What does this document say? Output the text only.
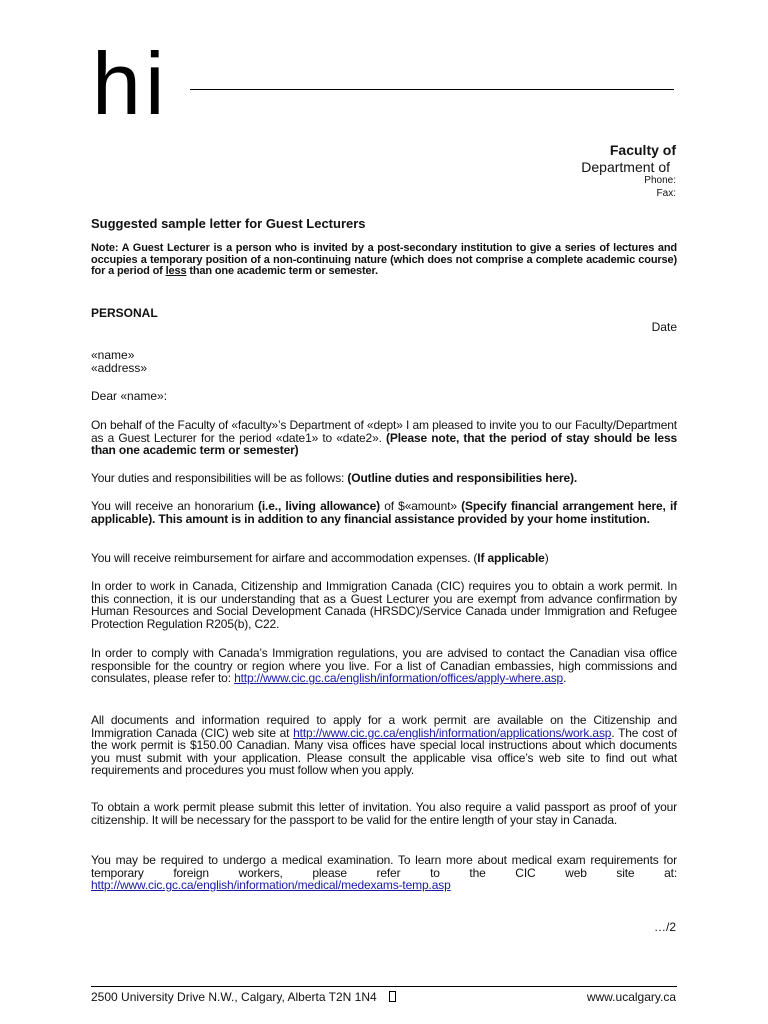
hi
Faculty of
Department of
Phone:
Fax:
Suggested sample letter for Guest Lecturers
Note: A Guest Lecturer is a person who is invited by a post-secondary institution to give a series of lectures and occupies a temporary position of a non-continuing nature (which does not comprise a complete academic course) for a period of less than one academic term or semester.
PERSONAL
Date
«name»
«address»
Dear «name»:
On behalf of the Faculty of «faculty»’s Department of «dept» I am pleased to invite you to our Faculty/Department as a Guest Lecturer for the period «date1» to «date2». (Please note, that the period of stay should be less than one academic term or semester)
Your duties and responsibilities will be as follows: (Outline duties and responsibilities here).
You will receive an honorarium (i.e., living allowance) of $«amount» (Specify financial arrangement here, if applicable). This amount is in addition to any financial assistance provided by your home institution.
You will receive reimbursement for airfare and accommodation expenses. (If applicable)
In order to work in Canada, Citizenship and Immigration Canada (CIC) requires you to obtain a work permit. In this connection, it is our understanding that as a Guest Lecturer you are exempt from advance confirmation by Human Resources and Social Development Canada (HRSDC)/Service Canada under Immigration and Refugee Protection Regulation R205(b), C22.
In order to comply with Canada’s Immigration regulations, you are advised to contact the Canadian visa office responsible for the country or region where you live. For a list of Canadian embassies, high commissions and consulates, please refer to: http://www.cic.gc.ca/english/information/offices/apply-where.asp.
All documents and information required to apply for a work permit are available on the Citizenship and Immigration Canada (CIC) web site at http://www.cic.gc.ca/english/information/applications/work.asp. The cost of the work permit is $150.00 Canadian. Many visa offices have special local instructions about which documents you must submit with your application. Please consult the applicable visa office’s web site to find out what requirements and procedures you must follow when you apply.
To obtain a work permit please submit this letter of invitation. You also require a valid passport as proof of your citizenship. It will be necessary for the passport to be valid for the entire length of your stay in Canada.
You may be required to undergo a medical examination. To learn more about medical exam requirements for temporary foreign workers, please refer to the CIC web site at: http://www.cic.gc.ca/english/information/medical/medexams-temp.asp
…/2
2500 University Drive N.W., Calgary, Alberta T2N 1N4	www.ucalgary.ca
